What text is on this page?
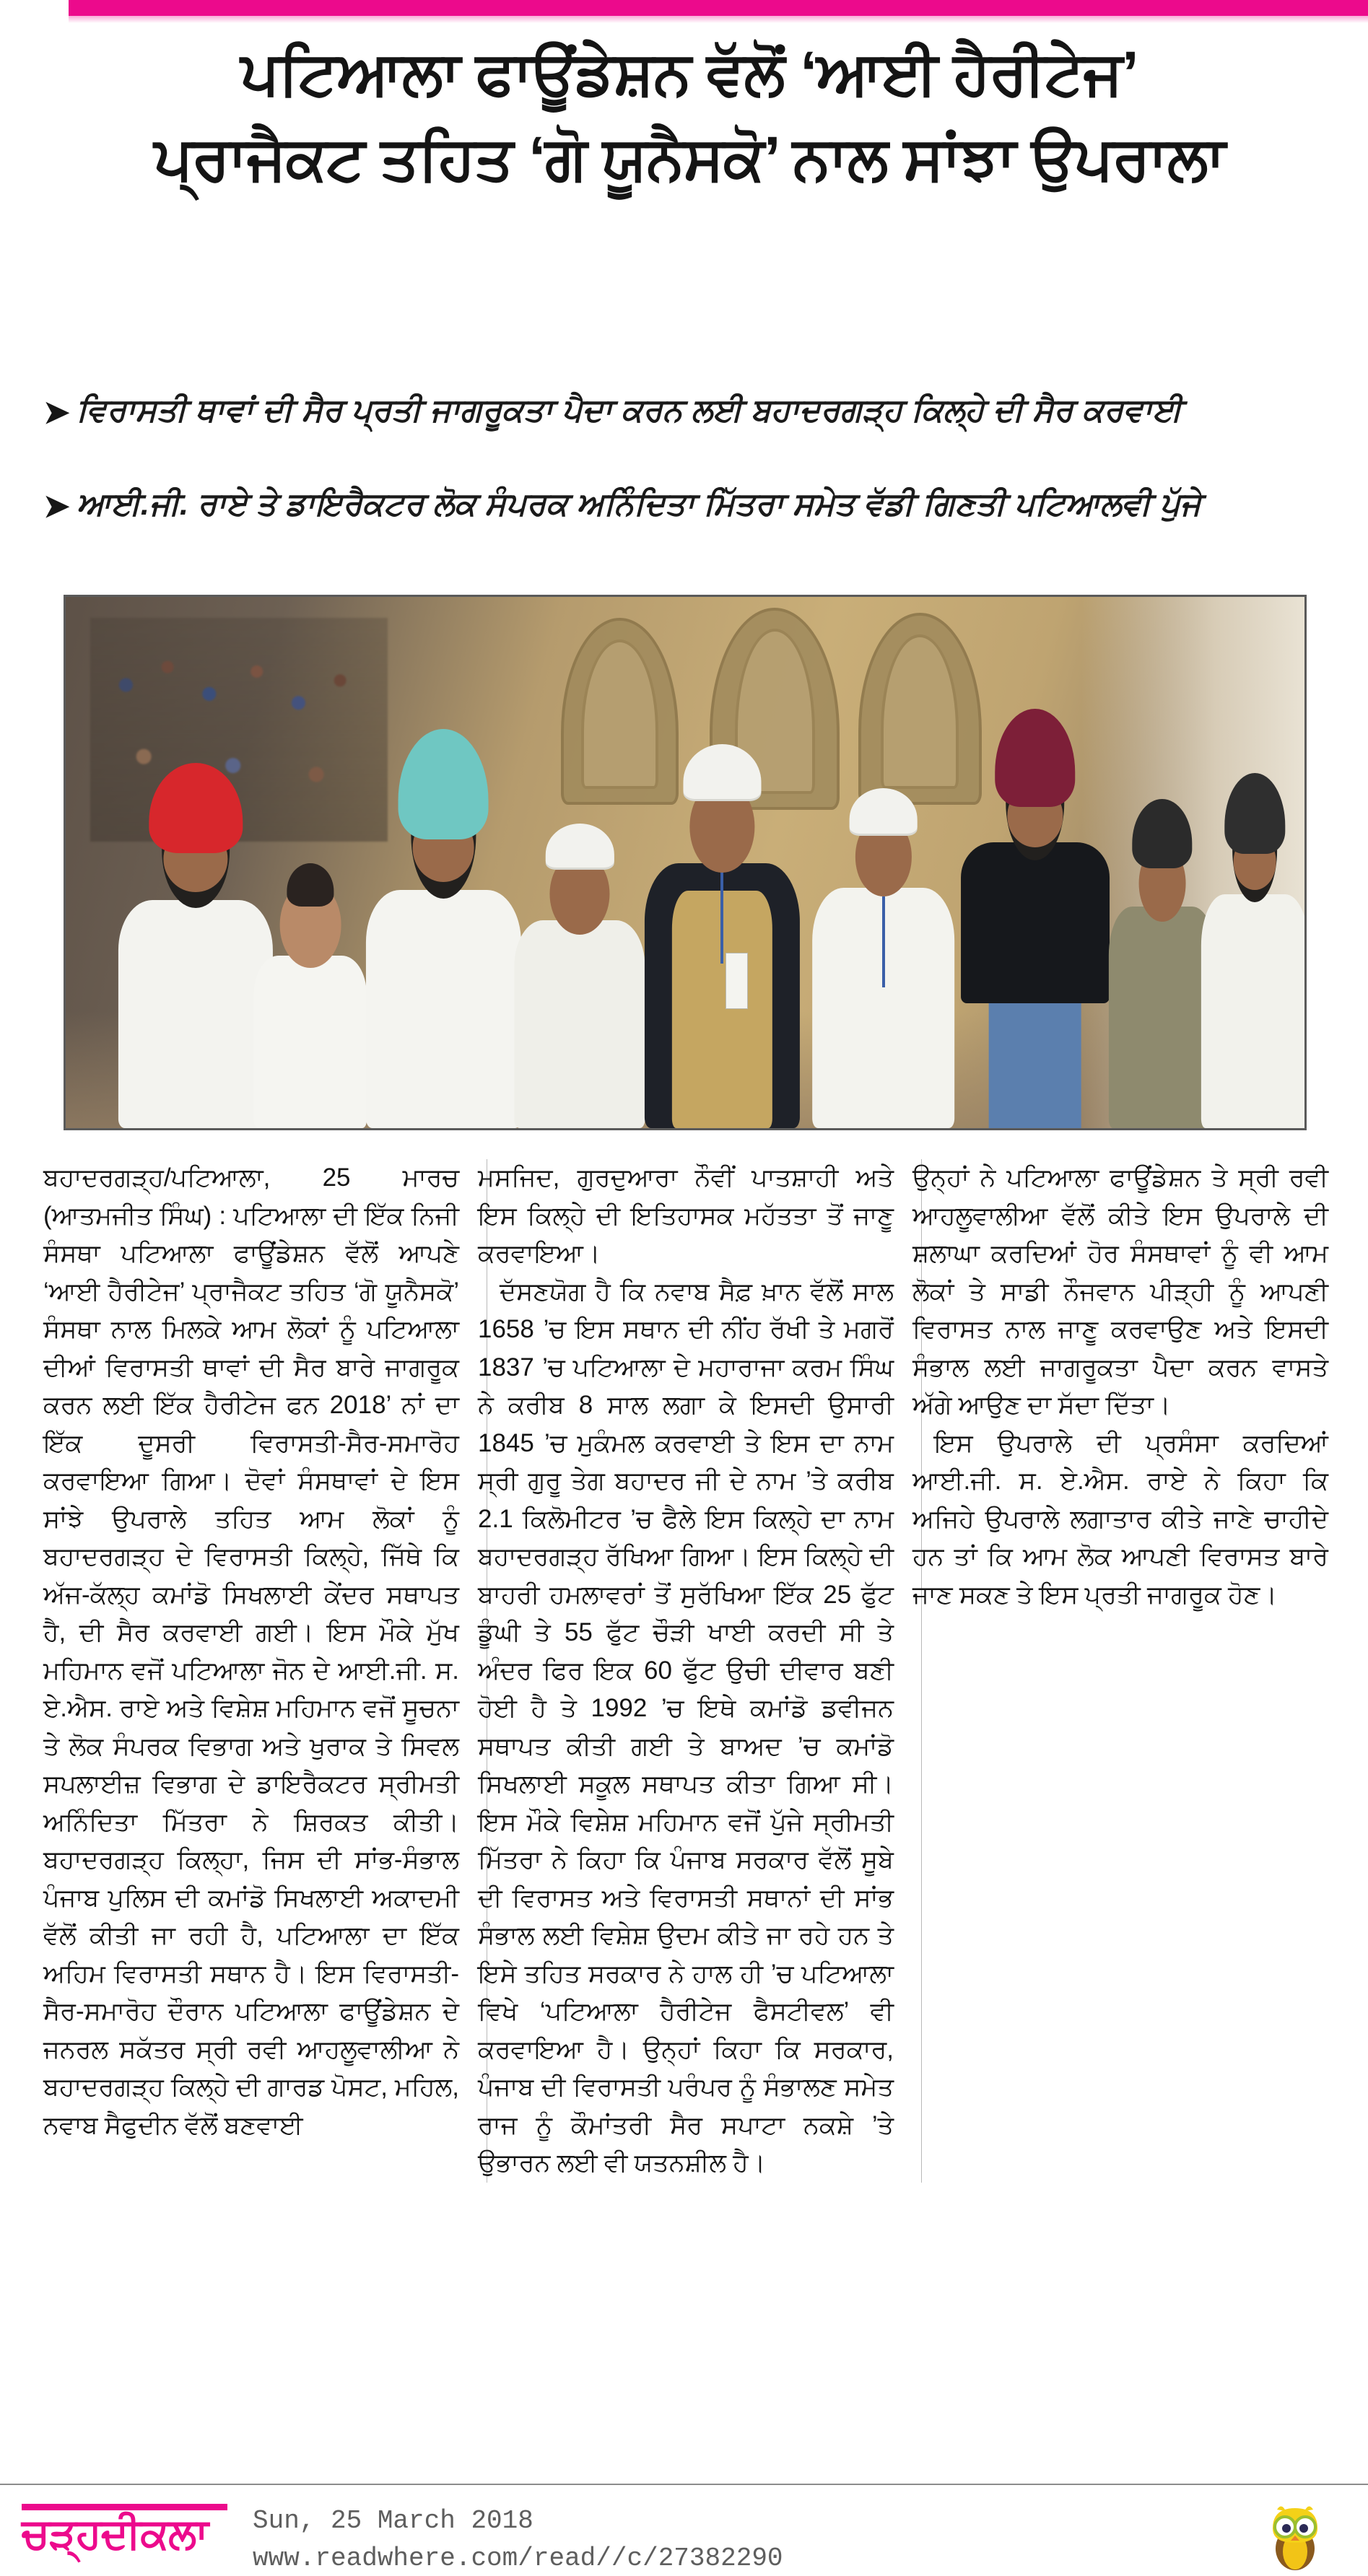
ਪਟਿਆਲਾ ਫਾਊਂਡੇਸ਼ਨ ਵੱਲੋਂ ‘ਆਈ ਹੈਰੀਟੇਜ’
ਪ੍ਰਾਜੈਕਟ ਤਹਿਤ ‘ਗੋ ਯੂਨੈਸਕੋ’ ਨਾਲ ਸਾਂਝਾ ਉਪਰਾਲਾ
➤ ਵਿਰਾਸਤੀ ਥਾਵਾਂ ਦੀ ਸੈਰ ਪ੍ਰਤੀ ਜਾਗਰੂਕਤਾ ਪੈਦਾ ਕਰਨ ਲਈ ਬਹਾਦਰਗੜ੍ਹ ਕਿਲ੍ਹੇ ਦੀ ਸੈਰ ਕਰਵਾਈ
➤ ਆਈ.ਜੀ. ਰਾਏ ਤੇ ਡਾਇਰੈਕਟਰ ਲੋਕ ਸੰਪਰਕ ਅਨਿੰਦਿਤਾ ਮਿੱਤਰਾ ਸਮੇਤ ਵੱਡੀ ਗਿਣਤੀ ਪਟਿਆਲਵੀ ਪੁੱਜੇ

ਬਹਾਦਰਗੜ੍ਹ/ਪਟਿਆਲਾ, 25 ਮਾਰਚ (ਆਤਮਜੀਤ ਸਿੰਘ) : ਪਟਿਆਲਾ ਦੀ ਇੱਕ ਨਿਜੀ ਸੰਸਥਾ ਪਟਿਆਲਾ ਫਾਊਂਡੇਸ਼ਨ ਵੱਲੋਂ ਆਪਣੇ ‘ਆਈ ਹੈਰੀਟੇਜ’ ਪ੍ਰਾਜੈਕਟ ਤਹਿਤ ‘ਗੋ ਯੂਨੈਸਕੋ’ ਸੰਸਥਾ ਨਾਲ ਮਿਲਕੇ ਆਮ ਲੋਕਾਂ ਨੂੰ ਪਟਿਆਲਾ ਦੀਆਂ ਵਿਰਾਸਤੀ ਥਾਵਾਂ ਦੀ ਸੈਰ ਬਾਰੇ ਜਾਗਰੂਕ ਕਰਨ ਲਈ ਇੱਕ ਹੈਰੀਟੇਜ ਫਨ 2018’ ਨਾਂ ਦਾ ਇੱਕ ਦੂਸਰੀ ਵਿਰਾਸਤੀ-ਸੈਰ-ਸਮਾਰੋਹ ਕਰਵਾਇਆ ਗਿਆ। ਦੋਵਾਂ ਸੰਸਥਾਵਾਂ ਦੇ ਇਸ ਸਾਂਝੇ ਉਪਰਾਲੇ ਤਹਿਤ ਆਮ ਲੋਕਾਂ ਨੂੰ ਬਹਾਦਰਗੜ੍ਹ ਦੇ ਵਿਰਾਸਤੀ ਕਿਲ੍ਹੇ, ਜਿੱਥੇ ਕਿ ਅੱਜ-ਕੱਲ੍ਹ ਕਮਾਂਡੋ ਸਿਖਲਾਈ ਕੇਂਦਰ ਸਥਾਪਤ ਹੈ, ਦੀ ਸੈਰ ਕਰਵਾਈ ਗਈ। ਇਸ ਮੌਕੇ ਮੁੱਖ ਮਹਿਮਾਨ ਵਜੋਂ ਪਟਿਆਲਾ ਜੋਨ ਦੇ ਆਈ.ਜੀ. ਸ. ਏ.ਐਸ. ਰਾਏ ਅਤੇ ਵਿਸ਼ੇਸ਼ ਮਹਿਮਾਨ ਵਜੋਂ ਸੂਚਨਾ ਤੇ ਲੋਕ ਸੰਪਰਕ ਵਿਭਾਗ ਅਤੇ ਖੁਰਾਕ ਤੇ ਸਿਵਲ ਸਪਲਾਈਜ਼ ਵਿਭਾਗ ਦੇ ਡਾਇਰੈਕਟਰ ਸ੍ਰੀਮਤੀ ਅਨਿੰਦਿਤਾ ਮਿੱਤਰਾ ਨੇ ਸ਼ਿਰਕਤ ਕੀਤੀ। ਬਹਾਦਰਗੜ੍ਹ ਕਿਲ੍ਹਾ, ਜਿਸ ਦੀ ਸਾਂਭ-ਸੰਭਾਲ ਪੰਜਾਬ ਪੁਲਿਸ ਦੀ ਕਮਾਂਡੋ ਸਿਖਲਾਈ ਅਕਾਦਮੀ ਵੱਲੋਂ ਕੀਤੀ ਜਾ ਰਹੀ ਹੈ, ਪਟਿਆਲਾ ਦਾ ਇੱਕ ਅਹਿਮ ਵਿਰਾਸਤੀ ਸਥਾਨ ਹੈ। ਇਸ ਵਿਰਾਸਤੀ-ਸੈਰ-ਸਮਾਰੋਹ ਦੌਰਾਨ ਪਟਿਆਲਾ ਫਾਊਂਡੇਸ਼ਨ ਦੇ ਜਨਰਲ ਸਕੱਤਰ ਸ੍ਰੀ ਰਵੀ ਆਹਲੂਵਾਲੀਆ ਨੇ ਬਹਾਦਰਗੜ੍ਹ ਕਿਲ੍ਹੇ ਦੀ ਗਾਰਡ ਪੋਸਟ, ਮਹਿਲ, ਨਵਾਬ ਸੈਫੁਦੀਨ ਵੱਲੋਂ ਬਣਵਾਈ

ਮਸਜਿਦ, ਗੁਰਦੁਆਰਾ ਨੌਵੀਂ ਪਾਤਸ਼ਾਹੀ ਅਤੇ ਇਸ ਕਿਲ੍ਹੇ ਦੀ ਇਤਿਹਾਸਕ ਮਹੱਤਤਾ ਤੋਂ ਜਾਣੂ ਕਰਵਾਇਆ।

ਦੱਸਣਯੋਗ ਹੈ ਕਿ ਨਵਾਬ ਸੈਫ਼ ਖ਼ਾਨ ਵੱਲੋਂ ਸਾਲ 1658 ’ਚ ਇਸ ਸਥਾਨ ਦੀ ਨੀਂਹ ਰੱਖੀ ਤੇ ਮਗਰੋਂ 1837 ’ਚ ਪਟਿਆਲਾ ਦੇ ਮਹਾਰਾਜਾ ਕਰਮ ਸਿੰਘ ਨੇ ਕਰੀਬ 8 ਸਾਲ ਲਗਾ ਕੇ ਇਸਦੀ ਉਸਾਰੀ 1845 ’ਚ ਮੁਕੰਮਲ ਕਰਵਾਈ ਤੇ ਇਸ ਦਾ ਨਾਮ ਸ੍ਰੀ ਗੁਰੂ ਤੇਗ ਬਹਾਦਰ ਜੀ ਦੇ ਨਾਮ ’ਤੇ ਕਰੀਬ 2.1 ਕਿਲੋਮੀਟਰ ’ਚ ਫੈਲੇ ਇਸ ਕਿਲ੍ਹੇ ਦਾ ਨਾਮ ਬਹਾਦਰਗੜ੍ਹ ਰੱਖਿਆ ਗਿਆ। ਇਸ ਕਿਲ੍ਹੇ ਦੀ ਬਾਹਰੀ ਹਮਲਾਵਰਾਂ ਤੋਂ ਸੁਰੱਖਿਆ ਇੱਕ 25 ਫੁੱਟ ਡੂੰਘੀ ਤੇ 55 ਫੁੱਟ ਚੌੜੀ ਖਾਈ ਕਰਦੀ ਸੀ ਤੇ ਅੰਦਰ ਫਿਰ ਇਕ 60 ਫੁੱਟ ਉਚੀ ਦੀਵਾਰ ਬਣੀ ਹੋਈ ਹੈ ਤੇ 1992 ’ਚ ਇਥੇ ਕਮਾਂਡੋ ਡਵੀਜਨ ਸਥਾਪਤ ਕੀਤੀ ਗਈ ਤੇ ਬਾਅਦ ’ਚ ਕਮਾਂਡੋ ਸਿਖਲਾਈ ਸਕੂਲ ਸਥਾਪਤ ਕੀਤਾ ਗਿਆ ਸੀ। ਇਸ ਮੌਕੇ ਵਿਸ਼ੇਸ਼ ਮਹਿਮਾਨ ਵਜੋਂ ਪੁੱਜੇ ਸ੍ਰੀਮਤੀ ਮਿੱਤਰਾ ਨੇ ਕਿਹਾ ਕਿ ਪੰਜਾਬ ਸਰਕਾਰ ਵੱਲੋਂ ਸੂਬੇ ਦੀ ਵਿਰਾਸਤ ਅਤੇ ਵਿਰਾਸਤੀ ਸਥਾਨਾਂ ਦੀ ਸਾਂਭ ਸੰਭਾਲ ਲਈ ਵਿਸ਼ੇਸ਼ ਉਦਮ ਕੀਤੇ ਜਾ ਰਹੇ ਹਨ ਤੇ ਇਸੇ ਤਹਿਤ ਸਰਕਾਰ ਨੇ ਹਾਲ ਹੀ ’ਚ ਪਟਿਆਲਾ ਵਿਖੇ ‘ਪਟਿਆਲਾ ਹੈਰੀਟੇਜ ਫੈਸਟੀਵਲ’ ਵੀ ਕਰਵਾਇਆ ਹੈ। ਉਨ੍ਹਾਂ ਕਿਹਾ ਕਿ ਸਰਕਾਰ, ਪੰਜਾਬ ਦੀ ਵਿਰਾਸਤੀ ਪਰੰਪਰ ਨੂੰ ਸੰਭਾਲਣ ਸਮੇਤ ਰਾਜ ਨੂੰ ਕੌਮਾਂਤਰੀ ਸੈਰ ਸਪਾਟਾ ਨਕਸ਼ੇ ’ਤੇ ਉਭਾਰਨ ਲਈ ਵੀ ਯਤਨਸ਼ੀਲ ਹੈ।

ਉਨ੍ਹਾਂ ਨੇ ਪਟਿਆਲਾ ਫਾਊਂਡੇਸ਼ਨ ਤੇ ਸ੍ਰੀ ਰਵੀ ਆਹਲੂਵਾਲੀਆ ਵੱਲੋਂ ਕੀਤੇ ਇਸ ਉਪਰਾਲੇ ਦੀ ਸ਼ਲਾਘਾ ਕਰਦਿਆਂ ਹੋਰ ਸੰਸਥਾਵਾਂ ਨੂੰ ਵੀ ਆਮ ਲੋਕਾਂ ਤੇ ਸਾਡੀ ਨੌਜਵਾਨ ਪੀੜ੍ਹੀ ਨੂੰ ਆਪਣੀ ਵਿਰਾਸਤ ਨਾਲ ਜਾਣੂ ਕਰਵਾਉਣ ਅਤੇ ਇਸਦੀ ਸੰਭਾਲ ਲਈ ਜਾਗਰੂਕਤਾ ਪੈਦਾ ਕਰਨ ਵਾਸਤੇ ਅੱਗੇ ਆਉਣ ਦਾ ਸੱਦਾ ਦਿੱਤਾ।

ਇਸ ਉਪਰਾਲੇ ਦੀ ਪ੍ਰਸੰਸਾ ਕਰਦਿਆਂ ਆਈ.ਜੀ. ਸ. ਏ.ਐਸ. ਰਾਏ ਨੇ ਕਿਹਾ ਕਿ ਅਜਿਹੇ ਉਪਰਾਲੇ ਲਗਾਤਾਰ ਕੀਤੇ ਜਾਣੇ ਚਾਹੀਦੇ ਹਨ ਤਾਂ ਕਿ ਆਮ ਲੋਕ ਆਪਣੀ ਵਿਰਾਸਤ ਬਾਰੇ ਜਾਣ ਸਕਣ ਤੇ ਇਸ ਪ੍ਰਤੀ ਜਾਗਰੂਕ ਹੋਣ।

ਚੜ੍ਹਦੀਕਲਾ	Sun, 25 March 2018
www.readwhere.com/read//c/27382290
